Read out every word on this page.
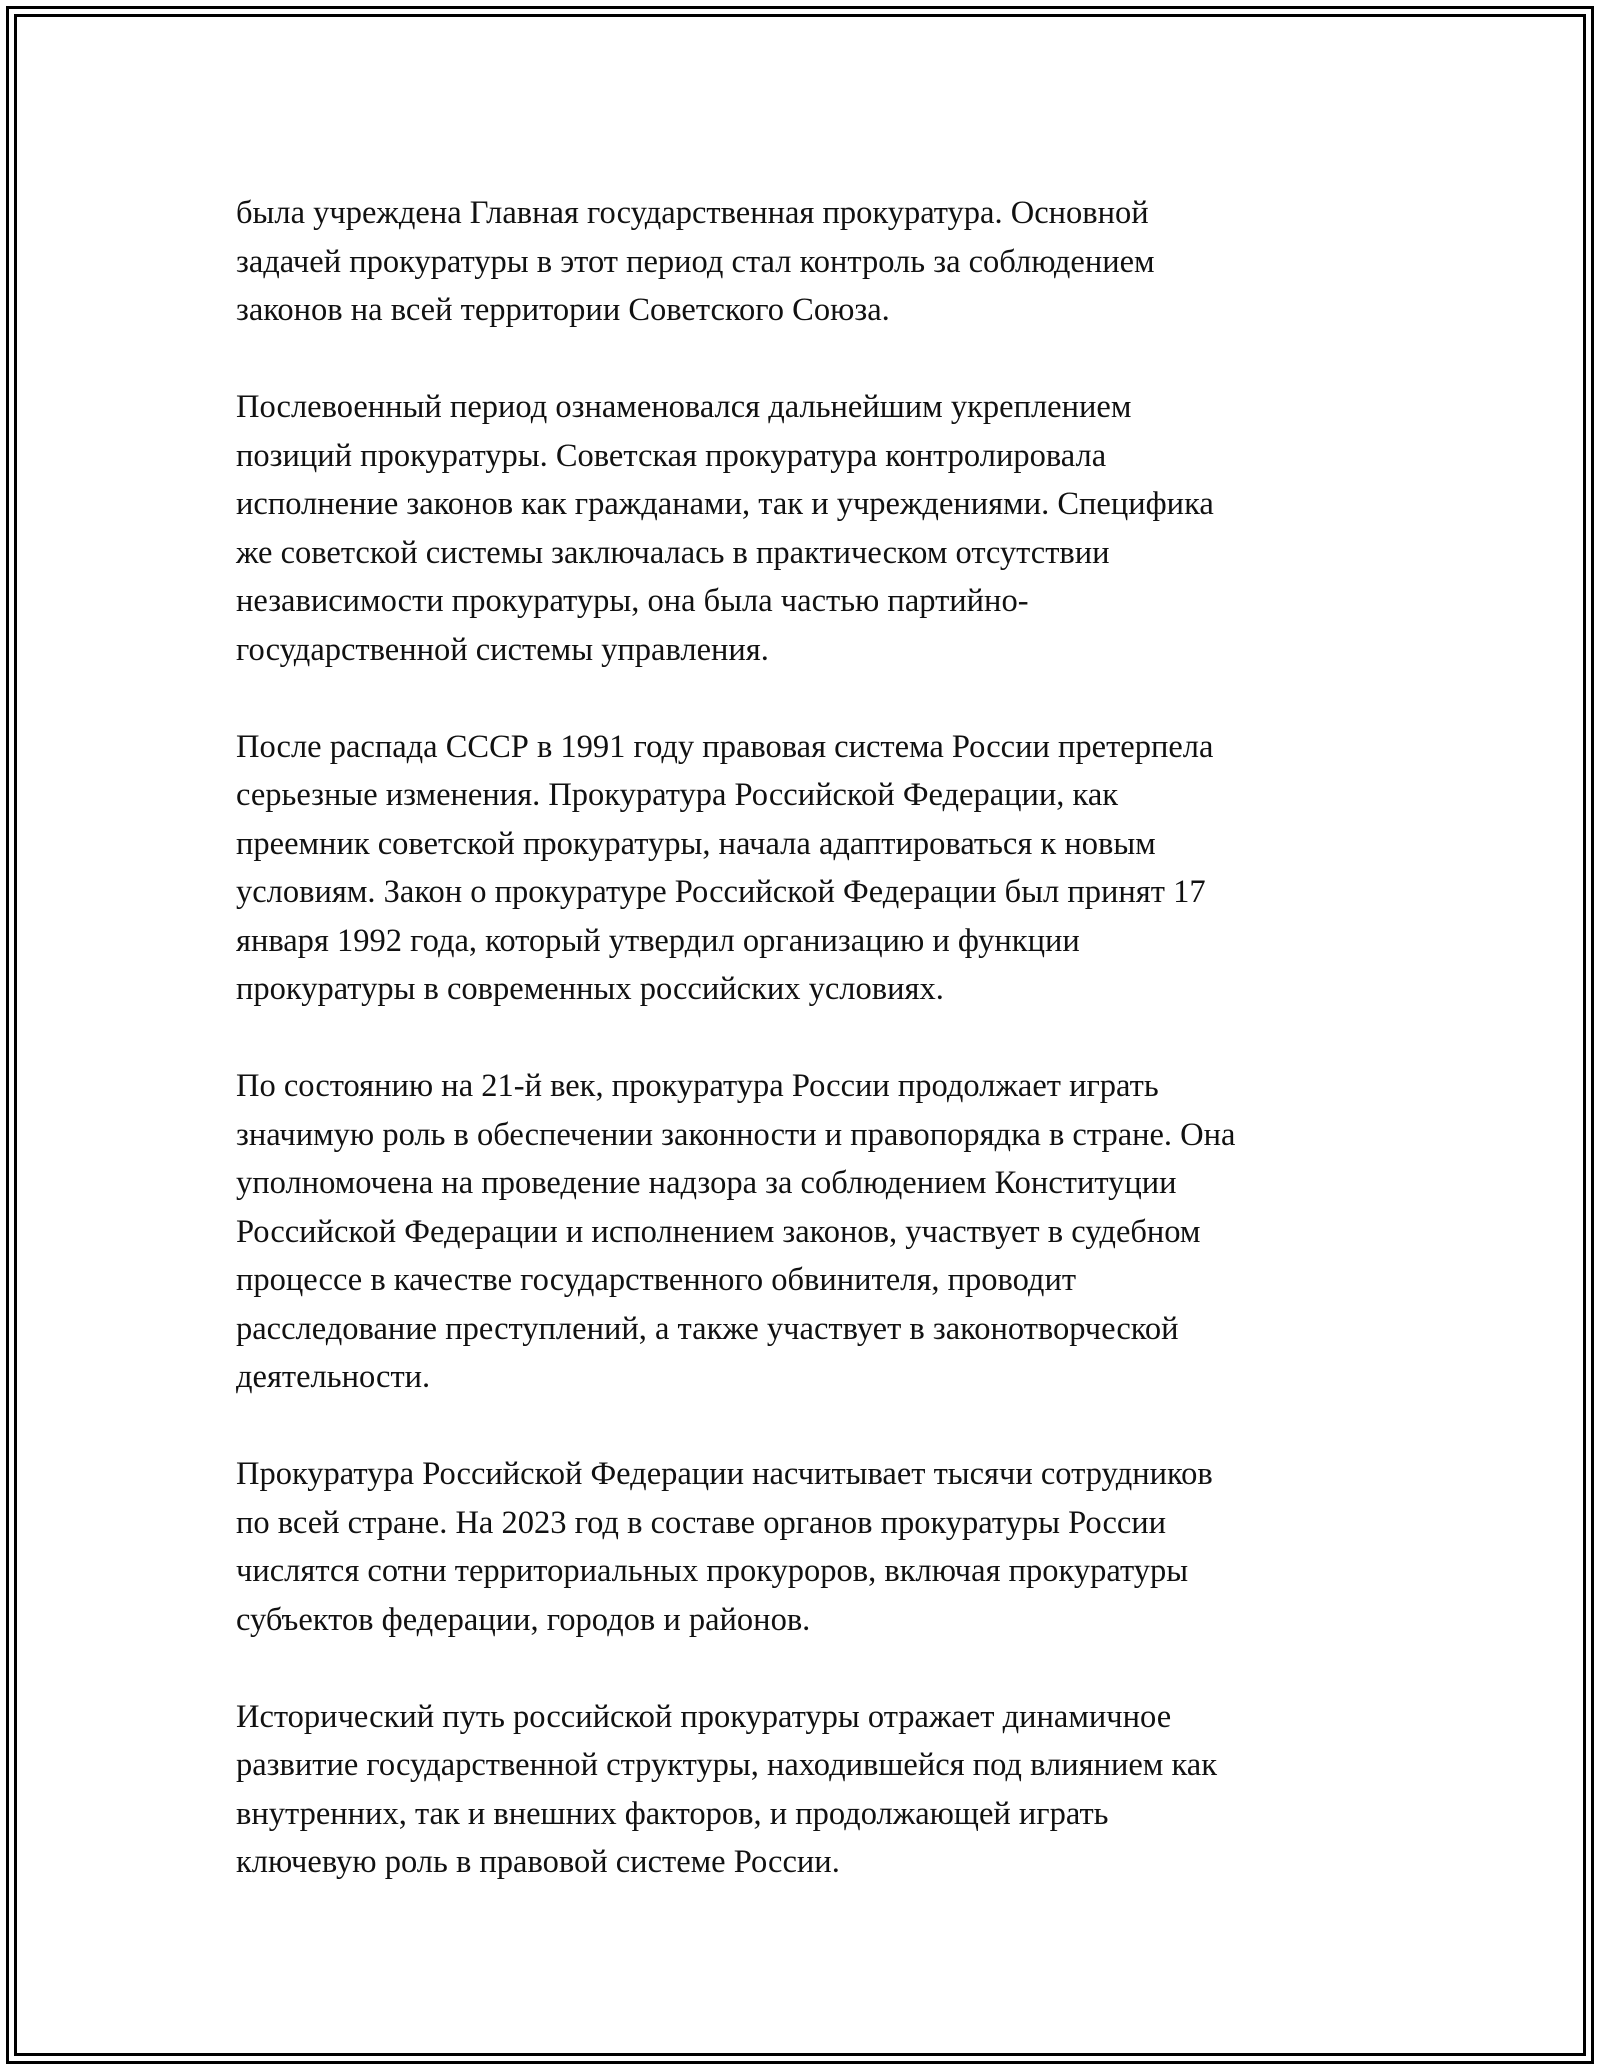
была учреждена Главная государственная прокуратура. Основной
задачей прокуратуры в этот период стал контроль за соблюдением
законов на всей территории Советского Союза.

Послевоенный период ознаменовался дальнейшим укреплением
позиций прокуратуры. Советская прокуратура контролировала
исполнение законов как гражданами, так и учреждениями. Специфика
же советской системы заключалась в практическом отсутствии
независимости прокуратуры, она была частью партийно-
государственной системы управления.

После распада СССР в 1991 году правовая система России претерпела
серьезные изменения. Прокуратура Российской Федерации, как
преемник советской прокуратуры, начала адаптироваться к новым
условиям. Закон о прокуратуре Российской Федерации был принят 17
января 1992 года, который утвердил организацию и функции
прокуратуры в современных российских условиях.

По состоянию на 21-й век, прокуратура России продолжает играть
значимую роль в обеспечении законности и правопорядка в стране. Она
уполномочена на проведение надзора за соблюдением Конституции
Российской Федерации и исполнением законов, участвует в судебном
процессе в качестве государственного обвинителя, проводит
расследование преступлений, а также участвует в законотворческой
деятельности.

Прокуратура Российской Федерации насчитывает тысячи сотрудников
по всей стране. На 2023 год в составе органов прокуратуры России
числятся сотни территориальных прокуроров, включая прокуратуры
субъектов федерации, городов и районов.

Исторический путь российской прокуратуры отражает динамичное
развитие государственной структуры, находившейся под влиянием как
внутренних, так и внешних факторов, и продолжающей играть
ключевую роль в правовой системе России.
